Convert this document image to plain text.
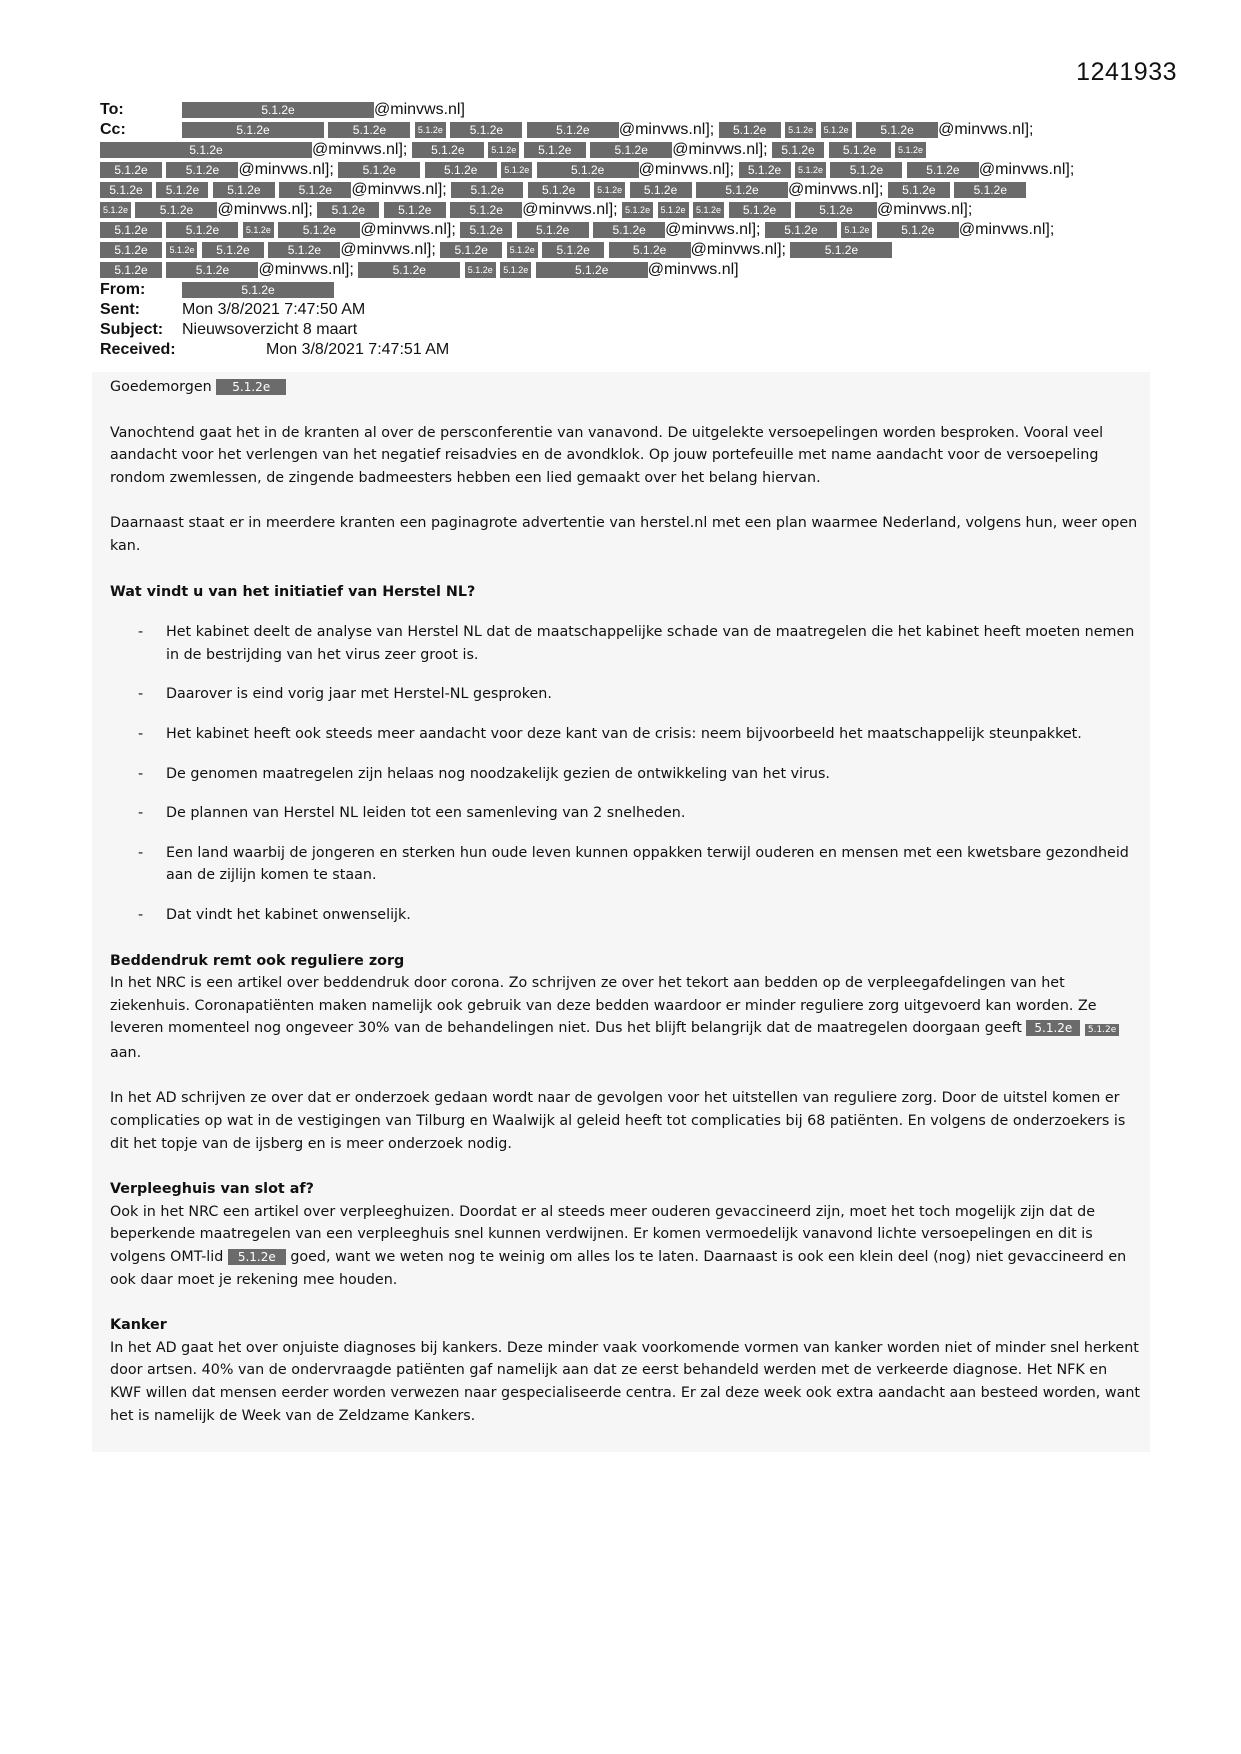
1241933
To:	5.1.2e	@minvws.nl]
Cc:	5.1.2e	5.1.2e	5.1.2e 5.1.2e	5.1.2e @minvws.nl]; 5.1.2e 5.1.2e 5.1.2e	5.1.2e @minvws.nl];
5.1.2e	@minvws.nl]; 5.1.2e	5.1.2e 5.1.2e	5.1.2e @minvws.nl]; 5.1.2e 5.1.2e 5.1.2e
5.1.2e	5.1.2e @minvws.nl]; 5.1.2e	5.1.2e	5.1.2e	5.1.2e @minvws.nl]; 5.1.2e 5.1.2e 5.1.2e	5.1.2e @minvws.nl];
5.1.2e 5.1.2e 5.1.2e	5.1.2e @minvws.nl]; 5.1.2e	5.1.2e 5.1.2e 5.1.2e	5.1.2e @minvws.nl]; 5.1.2e	5.1.2e
5.1.2e	5.1.2e @minvws.nl]; 5.1.2e	5.1.2e	5.1.2e @minvws.nl]; 5.1.2e 5.1.2e 5.1.2e 5.1.2e	5.1.2e @minvws.nl];
5.1.2e	5.1.2e	5.1.2e	5.1.2e @minvws.nl]; 5.1.2e	5.1.2e	5.1.2e @minvws.nl]; 5.1.2e	5.1.2e	5.1.2e @minvws.nl];
5.1.2e 5.1.2e 5.1.2e	5.1.2e @minvws.nl]; 5.1.2e 5.1.2e 5.1.2e	5.1.2e @minvws.nl];	5.1.2e
5.1.2e	5.1.2e @minvws.nl];	5.1.2e	5.1.2e 5.1.2e	5.1.2e @minvws.nl]
From:	5.1.2e
Sent:	Mon 3/8/2021 7:47:50 AM
Subject: Nieuwsoverzicht 8 maart
Received:	Mon 3/8/2021 7:47:51 AM
Goedemorgen 5.1.2e

Vanochtend gaat het in de kranten al over de persconferentie van vanavond. De uitgelekte versoepelingen worden besproken. Vooral veel aandacht voor het verlengen van het negatief reisadvies en de avondklok. Op jouw portefeuille met name aandacht voor de versoepeling rondom zwemlessen, de zingende badmeesters hebben een lied gemaakt over het belang hiervan.

Daarnaast staat er in meerdere kranten een paginagrote advertentie van herstel.nl met een plan waarmee Nederland, volgens hun, weer open kan.

Wat vindt u van het initiatief van Herstel NL?
- Het kabinet deelt de analyse van Herstel NL dat de maatschappelijke schade van de maatregelen die het kabinet heeft moeten nemen in de bestrijding van het virus zeer groot is.
- Daarover is eind vorig jaar met Herstel-NL gesproken.
- Het kabinet heeft ook steeds meer aandacht voor deze kant van de crisis: neem bijvoorbeeld het maatschappelijk steunpakket.
- De genomen maatregelen zijn helaas nog noodzakelijk gezien de ontwikkeling van het virus.
- De plannen van Herstel NL leiden tot een samenleving van 2 snelheden.
- Een land waarbij de jongeren en sterken hun oude leven kunnen oppakken terwijl ouderen en mensen met een kwetsbare gezondheid aan de zijlijn komen te staan.
- Dat vindt het kabinet onwenselijk.
Beddendruk remt ook reguliere zorg

In het NRC is een artikel over beddendruk door corona. Zo schrijven ze over het tekort aan bedden op de verpleegafdelingen van het ziekenhuis. Coronapatiënten maken namelijk ook gebruik van deze bedden waardoor er minder reguliere zorg uitgevoerd kan worden. Ze leveren momenteel nog ongeveer 30% van de behandelingen niet. Dus het blijft belangrijk dat de maatregelen doorgaan geeft 5.1.2e 5.1.2e aan.

In het AD schrijven ze over dat er onderzoek gedaan wordt naar de gevolgen voor het uitstellen van reguliere zorg. Door de uitstel komen er complicaties op wat in de vestigingen van Tilburg en Waalwijk al geleid heeft tot complicaties bij 68 patiënten. En volgens de onderzoekers is dit het topje van de ijsberg en is meer onderzoek nodig.

Verpleeghuis van slot af?

Ook in het NRC een artikel over verpleeghuizen. Doordat er al steeds meer ouderen gevaccineerd zijn, moet het toch mogelijk zijn dat de beperkende maatregelen van een verpleeghuis snel kunnen verdwijnen. Er komen vermoedelijk vanavond lichte versoepelingen en dit is volgens OMT-lid 5.1.2e goed, want we weten nog te weinig om alles los te laten. Daarnaast is ook een klein deel (nog) niet gevaccineerd en ook daar moet je rekening mee houden.

Kanker

In het AD gaat het over onjuiste diagnoses bij kankers. Deze minder vaak voorkomende vormen van kanker worden niet of minder snel herkent door artsen. 40% van de ondervraagde patiënten gaf namelijk aan dat ze eerst behandeld werden met de verkeerde diagnose. Het NFK en KWF willen dat mensen eerder worden verwezen naar gespecialiseerde centra. Er zal deze week ook extra aandacht aan besteed worden, want het is namelijk de Week van de Zeldzame Kankers.
